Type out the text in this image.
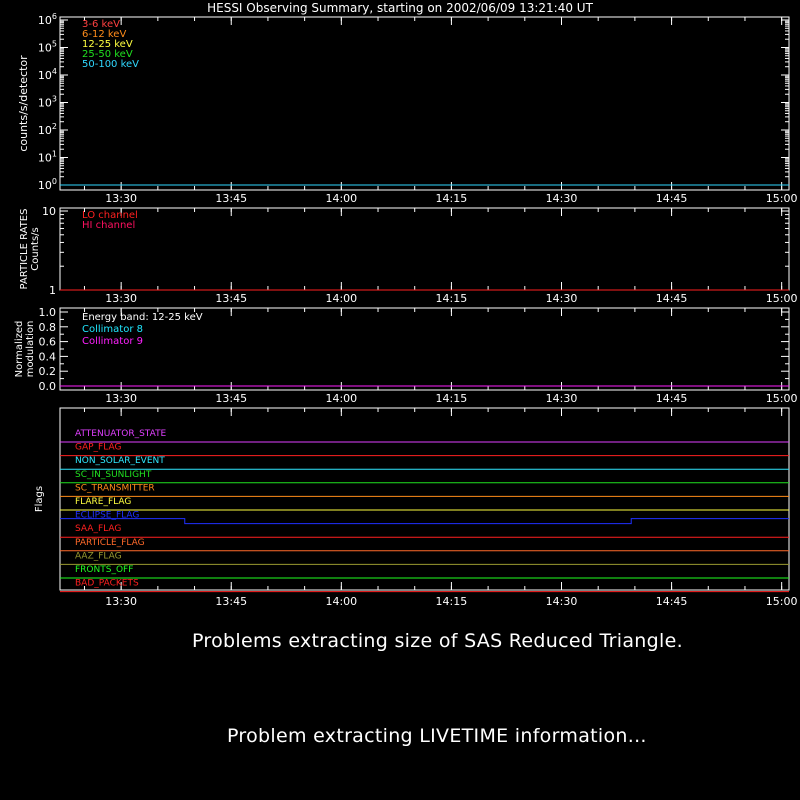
HESSI Observing Summary, starting on 2002/06/09 13:21:40 UT
13:30	13:45	14:00	14:15	14:30	14:45	15:00
13:30	13:45	14:00	14:15	14:30	14:45	15:00
13:30	13:45	14:00	14:15	14:30	14:45	15:00
13:30	13:45	14:00	14:15	14:30	14:45	15:00
$10^0$
$10^1$
$10^2$
$10^3$
$10^4$
$10^5$
$10^6$
counts/s/detector
3-6 keV
6-12 keV
12-25 keV
25-50 keV
50-100 keV
1
10
PARTICLE RATES Counts/s
LO channel
HI channel
0.0
0.2
0.4
0.6
0.8
1.0
Normalized modulation
Energy band: 12-25 keV
Collimator 8
Collimator 9
Flags
ATTENUATOR_STATE
GAP_FLAG
NON_SOLAR_EVENT
SC_IN_SUNLIGHT
SC_TRANSMITTER
FLARE_FLAG
ECLIPSE_FLAG
SAA_FLAG
PARTICLE_FLAG
AAZ_FLAG
FRONTS_OFF
BAD_PACKETS
Problems extracting size of SAS Reduced Triangle.
Problem extracting LIVETIME information...
